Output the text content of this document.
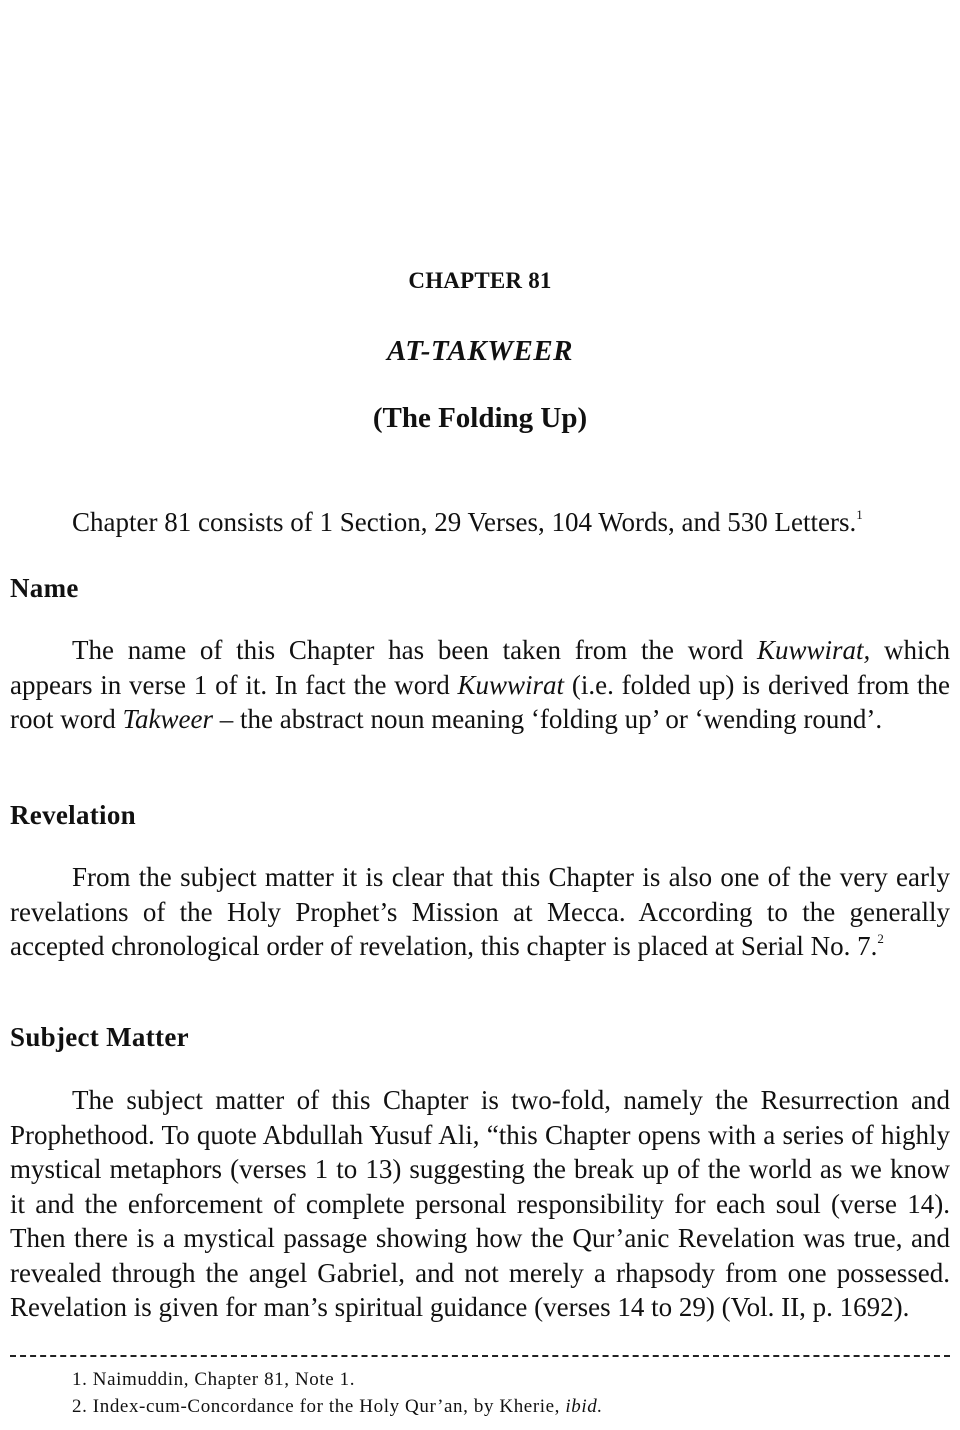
CHAPTER 81
AT-TAKWEER
(The Folding Up)

Chapter 81 consists of 1 Section, 29 Verses, 104 Words, and 530 Letters.$^1$

Name

The name of this Chapter has been taken from the word Kuwwirat, which appears in verse 1 of it. In fact the word Kuwwirat (i.e. folded up) is derived from the root word Takweer – the abstract noun meaning ‘folding up’ or ‘wending round’.

Revelation

From the subject matter it is clear that this Chapter is also one of the very early revelations of the Holy Prophet’s Mission at Mecca. According to the generally accepted chronological order of revelation, this chapter is placed at Serial No. 7.$^2$

Subject Matter

The subject matter of this Chapter is two-fold, namely the Resurrection and Prophethood. To quote Abdullah Yusuf Ali, “this Chapter opens with a series of highly mystical metaphors (verses 1 to 13) suggesting the break up of the world as we know it and the enforcement of complete personal responsibility for each soul (verse 14). Then there is a mystical passage showing how the Qur’anic Revelation was true, and revealed through the angel Gabriel, and not merely a rhapsody from one possessed. Revelation is given for man’s spiritual guidance (verses 14 to 29) (Vol. II, p. 1692).

1. Naimuddin, Chapter 81, Note 1.

2. Index-cum-Concordance for the Holy Qur’an, by Kherie, ibid.
